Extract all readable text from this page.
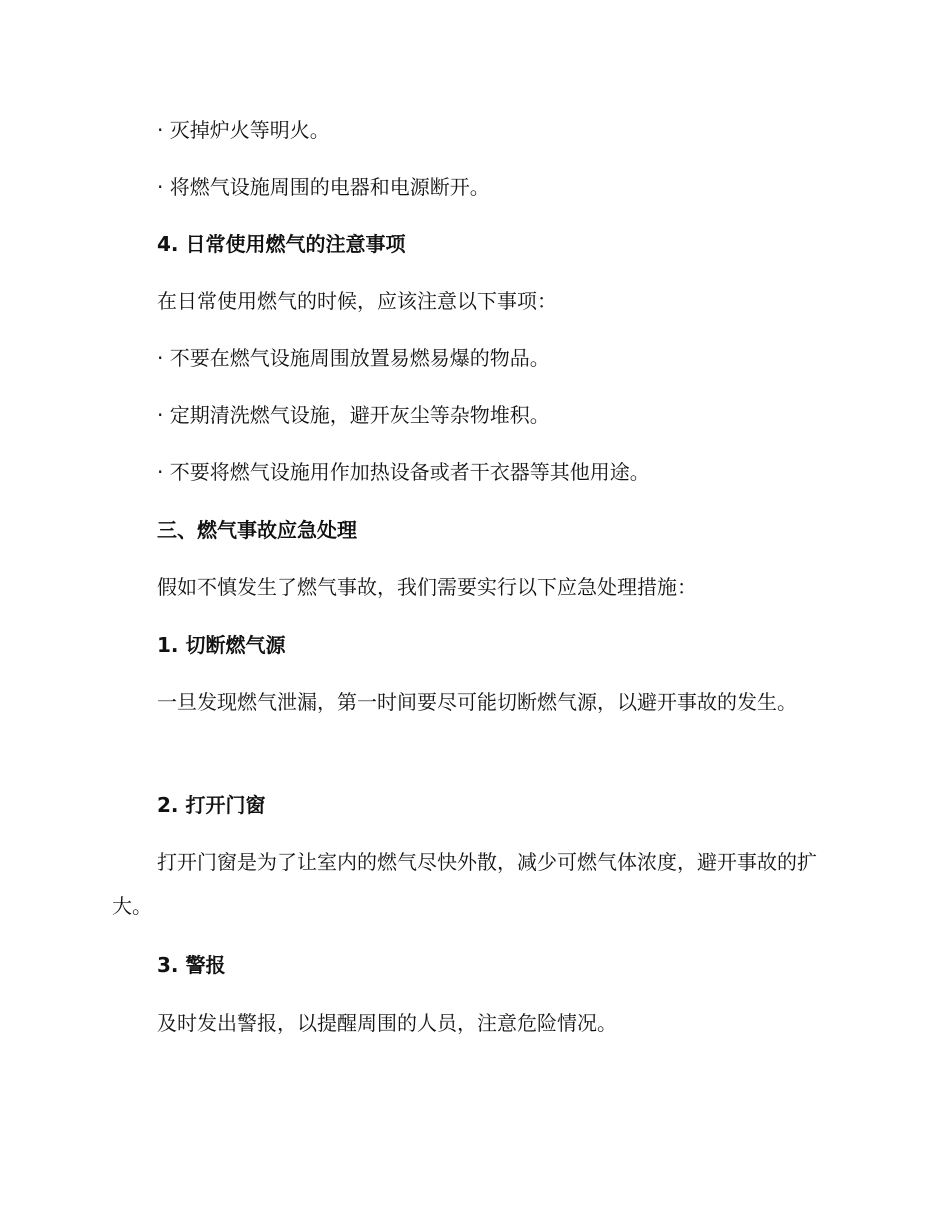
· 灭掉炉火等明火。

· 将燃气设施周围的电器和电源断开。

4. 日常使用燃气的注意事项

在日常使用燃气的时候，应该注意以下事项：

· 不要在燃气设施周围放置易燃易爆的物品。

· 定期清洗燃气设施，避开灰尘等杂物堆积。

· 不要将燃气设施用作加热设备或者干衣器等其他用途。

三、燃气事故应急处理

假如不慎发生了燃气事故，我们需要实行以下应急处理措施：

1. 切断燃气源

一旦发现燃气泄漏，第一时间要尽可能切断燃气源，以避开事故的发生。

2. 打开门窗

打开门窗是为了让室内的燃气尽快外散，减少可燃气体浓度，避开事故的扩大。

3. 警报

及时发出警报，以提醒周围的人员，注意危险情况。
